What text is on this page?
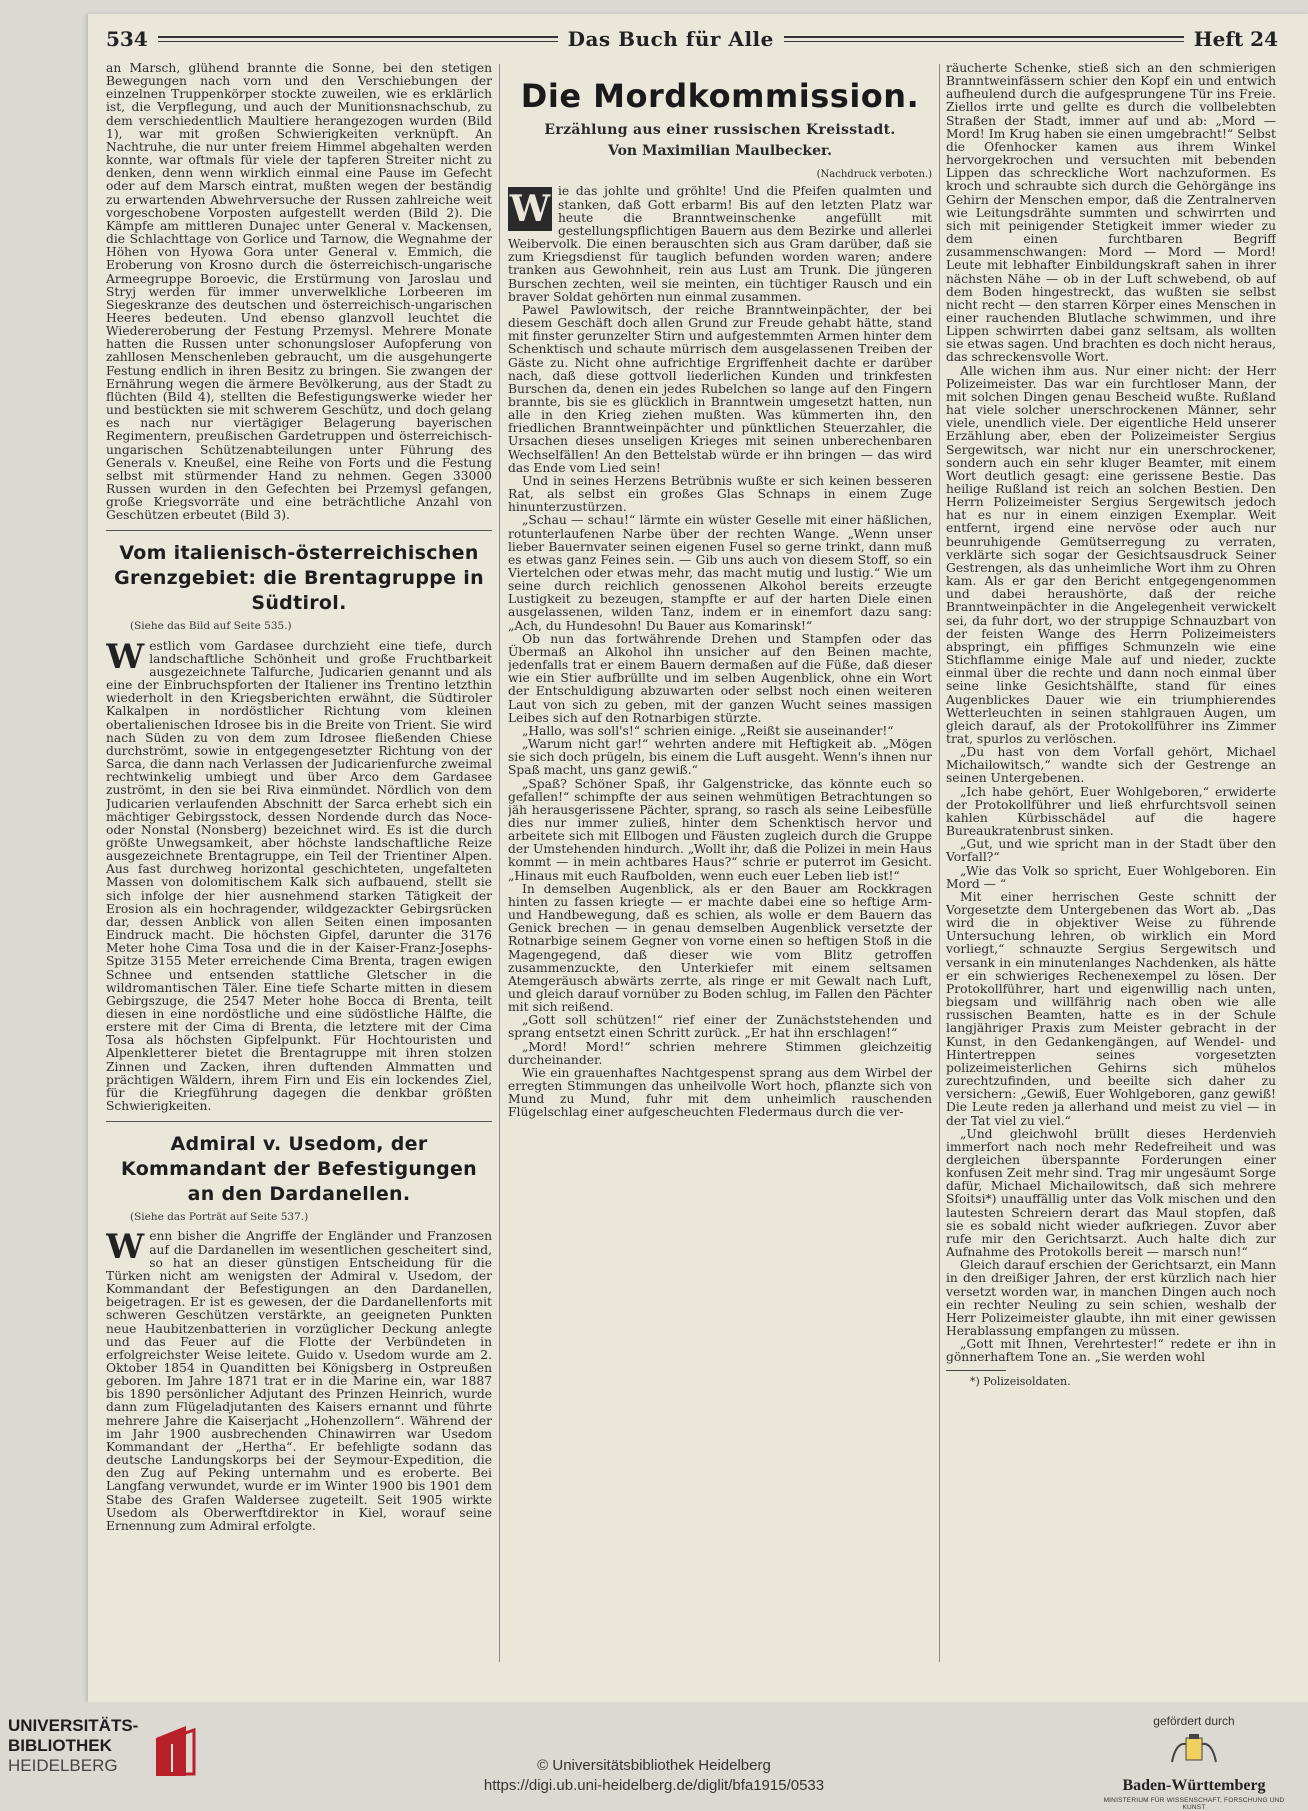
534	Das Buch für Alle	Heft 24

an Marsch, glühend brannte die Sonne, bei den stetigen Bewegungen nach vorn und den Verschiebungen der einzelnen Truppenkörper stockte zuweilen, wie es erklärlich ist, die Verpflegung, und auch der Munitionsnachschub, zu dem verschiedentlich Maultiere herangezogen wurden (Bild 1), war mit großen Schwierigkeiten verknüpft. An Nachtruhe, die nur unter freiem Himmel abgehalten werden konnte, war oftmals für viele der tapferen Streiter nicht zu denken, denn wenn wirklich einmal eine Pause im Gefecht oder auf dem Marsch eintrat, mußten wegen der beständig zu erwartenden Abwehrversuche der Russen zahlreiche weit vorgeschobene Vorposten aufgestellt werden (Bild 2). Die Kämpfe am mittleren Dunajec unter General v. Mackensen, die Schlachttage von Gorlice und Tarnow, die Wegnahme der Höhen von Hyowa Gora unter General v. Emmich, die Eroberung von Krosno durch die österreichisch-ungarische Armeegruppe Boroevic, die Erstürmung von Jaroslau und Stryj werden für immer unverwelkliche Lorbeeren im Siegeskranze des deutschen und österreichisch-ungarischen Heeres bedeuten. Und ebenso glanzvoll leuchtet die Wiedereroberung der Festung Przemysl. Mehrere Monate hatten die Russen unter schonungsloser Aufopferung von zahllosen Menschenleben gebraucht, um die ausgehungerte Festung endlich in ihren Besitz zu bringen. Sie zwangen der Ernährung wegen die ärmere Bevölkerung, aus der Stadt zu flüchten (Bild 4), stellten die Befestigungswerke wieder her und bestückten sie mit schwerem Geschütz, und doch gelang es nach nur viertägiger Belagerung bayerischen Regimentern, preußischen Gardetruppen und österreichisch-ungarischen Schützenabteilungen unter Führung des Generals v. Kneußel, eine Reihe von Forts und die Festung selbst mit stürmender Hand zu nehmen. Gegen 33000 Russen wurden in den Gefechten bei Przemysl gefangen, große Kriegsvorräte und eine beträchtliche Anzahl von Geschützen erbeutet (Bild 3).

Vom italienisch-österreichischen Grenzgebiet: die Brentagruppe in Südtirol.
(Siehe das Bild auf Seite 535.)

Westlich vom Gardasee durchzieht eine tiefe, durch landschaftliche Schönheit und große Fruchtbarkeit ausgezeichnete Talfurche, Judicarien genannt und als eine der Einbruchspforten der Italiener ins Trentino letzthin wiederholt in den Kriegsberichten erwähnt, die Südtiroler Kalkalpen in nordöstlicher Richtung vom kleinen obertalienischen Idrosee bis in die Breite von Trient. Sie wird nach Süden zu von dem zum Idrosee fließenden Chiese durchströmt, sowie in entgegengesetzter Richtung von der Sarca, die dann nach Verlassen der Judicarienfurche zweimal rechtwinkelig umbiegt und über Arco dem Gardasee zuströmt, in den sie bei Riva einmündet. Nördlich von dem Judicarien verlaufenden Abschnitt der Sarca erhebt sich ein mächtiger Gebirgsstock, dessen Nordende durch das Noce- oder Nonstal (Nonsberg) bezeichnet wird. Es ist die durch größte Unwegsamkeit, aber höchste landschaftliche Reize ausgezeichnete Brentagruppe, ein Teil der Trientiner Alpen. Aus fast durchweg horizontal geschichteten, ungefalteten Massen von dolomitischem Kalk sich aufbauend, stellt sie sich infolge der hier ausnehmend starken Tätigkeit der Erosion als ein hochragender, wildgezackter Gebirgsrücken dar, dessen Anblick von allen Seiten einen imposanten Eindruck macht. Die höchsten Gipfel, darunter die 3176 Meter hohe Cima Tosa und die in der Kaiser-Franz-Josephs-Spitze 3155 Meter erreichende Cima Brenta, tragen ewigen Schnee und entsenden stattliche Gletscher in die wildromantischen Täler. Eine tiefe Scharte mitten in diesem Gebirgszuge, die 2547 Meter hohe Bocca di Brenta, teilt diesen in eine nordöstliche und eine südöstliche Hälfte, die erstere mit der Cima di Brenta, die letztere mit der Cima Tosa als höchsten Gipfelpunkt. Für Hochtouristen und Alpenkletterer bietet die Brentagruppe mit ihren stolzen Zinnen und Zacken, ihren duftenden Almmatten und prächtigen Wäldern, ihrem Firn und Eis ein lockendes Ziel, für die Kriegführung dagegen die denkbar größten Schwierigkeiten.

Admiral v. Usedom, der Kommandant der Befestigungen an den Dardanellen.
(Siehe das Porträt auf Seite 537.)

Wenn bisher die Angriffe der Engländer und Franzosen auf die Dardanellen im wesentlichen gescheitert sind, so hat an dieser günstigen Entscheidung für die Türken nicht am wenigsten der Admiral v. Usedom, der Kommandant der Befestigungen an den Dardanellen, beigetragen. Er ist es gewesen, der die Dardanellenforts mit schweren Geschützen verstärkte, an geeigneten Punkten neue Haubitzenbatterien in vorzüglicher Deckung anlegte und das Feuer auf die Flotte der Verbündeten in erfolgreichster Weise leitete. Guido v. Usedom wurde am 2. Oktober 1854 in Quanditten bei Königsberg in Ostpreußen geboren. Im Jahre 1871 trat er in die Marine ein, war 1887 bis 1890 persönlicher Adjutant des Prinzen Heinrich, wurde dann zum Flügeladjutanten des Kaisers ernannt und führte mehrere Jahre die Kaiserjacht „Hohenzollern“. Während der im Jahr 1900 ausbrechenden Chinawirren war Usedom Kommandant der „Hertha“. Er befehligte sodann das deutsche Landungskorps bei der Seymour-Expedition, die den Zug auf Peking unternahm und es eroberte. Bei Langfang verwundet, wurde er im Winter 1900 bis 1901 dem Stabe des Grafen Waldersee zugeteilt. Seit 1905 wirkte Usedom als Oberwerftdirektor in Kiel, worauf seine Ernennung zum Admiral erfolgte.

Die Mordkommission.
Erzählung aus einer russischen Kreisstadt.
Von Maximilian Maulbecker.
(Nachdruck verboten.)

W ie das johlte und gröhlte! Und die Pfeifen qualmten und stanken, daß Gott erbarm! Bis auf den letzten Platz war heute die Branntweinschenke angefüllt mit gestellungspflichtigen Bauern aus dem Bezirke und allerlei Weibervolk. Die einen berauschten sich aus Gram darüber, daß sie zum Kriegsdienst für tauglich befunden worden waren; andere tranken aus Gewohnheit, rein aus Lust am Trunk. Die jüngeren Burschen zechten, weil sie meinten, ein tüchtiger Rausch und ein braver Soldat gehörten nun einmal zusammen.

Pawel Pawlowitsch, der reiche Branntweinpächter, der bei diesem Geschäft doch allen Grund zur Freude gehabt hätte, stand mit finster gerunzelter Stirn und aufgestemmten Armen hinter dem Schenktisch und schaute mürrisch dem ausgelassenen Treiben der Gäste zu. Nicht ohne aufrichtige Ergriffenheit dachte er darüber nach, daß diese gottvoll liederlichen Kunden und trinkfesten Burschen da, denen ein jedes Rubelchen so lange auf den Fingern brannte, bis sie es glücklich in Branntwein umgesetzt hatten, nun alle in den Krieg ziehen mußten. Was kümmerten ihn, den friedlichen Branntweinpächter und pünktlichen Steuerzahler, die Ursachen dieses unseligen Krieges mit seinen unberechenbaren Wechselfällen! An den Bettelstab würde er ihn bringen — das wird das Ende vom Lied sein!

Und in seines Herzens Betrübnis wußte er sich keinen besseren Rat, als selbst ein großes Glas Schnaps in einem Zuge hinunterzustürzen.

„Schau — schau!“ lärmte ein wüster Geselle mit einer häßlichen, rotunterlaufenen Narbe über der rechten Wange. „Wenn unser lieber Bauernvater seinen eigenen Fusel so gerne trinkt, dann muß es etwas ganz Feines sein. — Gib uns auch von diesem Stoff, so ein Viertelchen oder etwas mehr, das macht mutig und lustig.“ Wie um seine durch reichlich genossenen Alkohol bereits erzeugte Lustigkeit zu bezeugen, stampfte er auf der harten Diele einen ausgelassenen, wilden Tanz, indem er in einemfort dazu sang: „Ach, du Hundesohn! Du Bauer aus Komarinsk!“

Ob nun das fortwährende Drehen und Stampfen oder das Übermaß an Alkohol ihn unsicher auf den Beinen machte, jedenfalls trat er einem Bauern dermaßen auf die Füße, daß dieser wie ein Stier aufbrüllte und im selben Augenblick, ohne ein Wort der Entschuldigung abzuwarten oder selbst noch einen weiteren Laut von sich zu geben, mit der ganzen Wucht seines massigen Leibes sich auf den Rotnarbigen stürzte.

„Hallo, was soll's!“ schrien einige. „Reißt sie auseinander!“

„Warum nicht gar!“ wehrten andere mit Heftigkeit ab. „Mögen sie sich doch prügeln, bis einem die Luft ausgeht. Wenn's ihnen nur Spaß macht, uns ganz gewiß.“

„Spaß? Schöner Spaß, ihr Galgenstricke, das könnte euch so gefallen!“ schimpfte der aus seinen wehmütigen Betrachtungen so jäh herausgerissene Pächter, sprang, so rasch als seine Leibesfülle dies nur immer zuließ, hinter dem Schenktisch hervor und arbeitete sich mit Ellbogen und Fäusten zugleich durch die Gruppe der Umstehenden hindurch. „Wollt ihr, daß die Polizei in mein Haus kommt — in mein achtbares Haus?“ schrie er puterrot im Gesicht. „Hinaus mit euch Raufbolden, wenn euch euer Leben lieb ist!“

In demselben Augenblick, als er den Bauer am Rockkragen hinten zu fassen kriegte — er machte dabei eine so heftige Arm- und Handbewegung, daß es schien, als wolle er dem Bauern das Genick brechen — in genau demselben Augenblick versetzte der Rotnarbige seinem Gegner von vorne einen so heftigen Stoß in die Magengegend, daß dieser wie vom Blitz getroffen zusammenzuckte, den Unterkiefer mit einem seltsamen Atemgeräusch abwärts zerrte, als ringe er mit Gewalt nach Luft, und gleich darauf vornüber zu Boden schlug, im Fallen den Pächter mit sich reißend.

„Gott soll schützen!“ rief einer der Zunächststehenden und sprang entsetzt einen Schritt zurück. „Er hat ihn erschlagen!“

„Mord! Mord!“ schrien mehrere Stimmen gleichzeitig durcheinander.

Wie ein grauenhaftes Nachtgespenst sprang aus dem Wirbel der erregten Stimmungen das unheilvolle Wort hoch, pflanzte sich von Mund zu Mund, fuhr mit dem unheimlich rauschenden Flügelschlag einer aufgescheuchten Fledermaus durch die ver-

räucherte Schenke, stieß sich an den schmierigen Branntweinfässern schier den Kopf ein und entwich aufheulend durch die aufgesprungene Tür ins Freie. Ziellos irrte und gellte es durch die vollbelebten Straßen der Stadt, immer auf und ab: „Mord — Mord! Im Krug haben sie einen umgebracht!“ Selbst die Ofenhocker kamen aus ihrem Winkel hervorgekrochen und versuchten mit bebenden Lippen das schreckliche Wort nachzuformen. Es kroch und schraubte sich durch die Gehörgänge ins Gehirn der Menschen empor, daß die Zentralnerven wie Leitungsdrähte summten und schwirrten und sich mit peinigender Stetigkeit immer wieder zu dem einen furchtbaren Begriff zusammenschwangen: Mord — Mord — Mord! Leute mit lebhafter Einbildungskraft sahen in ihrer nächsten Nähe — ob in der Luft schwebend, ob auf dem Boden hingestreckt, das wußten sie selbst nicht recht — den starren Körper eines Menschen in einer rauchenden Blutlache schwimmen, und ihre Lippen schwirrten dabei ganz seltsam, als wollten sie etwas sagen. Und brachten es doch nicht heraus, das schreckensvolle Wort.

Alle wichen ihm aus. Nur einer nicht: der Herr Polizeimeister. Das war ein furchtloser Mann, der mit solchen Dingen genau Bescheid wußte. Rußland hat viele solcher unerschrockenen Männer, sehr viele, unendlich viele. Der eigentliche Held unserer Erzählung aber, eben der Polizeimeister Sergius Sergewitsch, war nicht nur ein unerschrockener, sondern auch ein sehr kluger Beamter, mit einem Wort deutlich gesagt: eine gerissene Bestie. Das heilige Rußland ist reich an solchen Bestien. Den Herrn Polizeimeister Sergius Sergewitsch jedoch hat es nur in einem einzigen Exemplar. Weit entfernt, irgend eine nervöse oder auch nur beunruhigende Gemütserregung zu verraten, verklärte sich sogar der Gesichtsausdruck Seiner Gestrengen, als das unheimliche Wort ihm zu Ohren kam. Als er gar den Bericht entgegengenommen und dabei heraushörte, daß der reiche Branntweinpächter in die Angelegenheit verwickelt sei, da fuhr dort, wo der struppige Schnauzbart von der feisten Wange des Herrn Polizeimeisters abspringt, ein pfiffiges Schmunzeln wie eine Stichflamme einige Male auf und nieder, zuckte einmal über die rechte und dann noch einmal über seine linke Gesichtshälfte, stand für eines Augenblickes Dauer wie ein triumphierendes Wetterleuchten in seinen stahlgrauen Augen, um gleich darauf, als der Protokollführer ins Zimmer trat, spurlos zu verlöschen.

„Du hast von dem Vorfall gehört, Michael Michailowitsch,“ wandte sich der Gestrenge an seinen Untergebenen.

„Ich habe gehört, Euer Wohlgeboren,“ erwiderte der Protokollführer und ließ ehrfurchtsvoll seinen kahlen Kürbisschädel auf die hagere Bureaukratenbrust sinken.

„Gut, und wie spricht man in der Stadt über den Vorfall?“

„Wie das Volk so spricht, Euer Wohlgeboren. Ein Mord — “

Mit einer herrischen Geste schnitt der Vorgesetzte dem Untergebenen das Wort ab. „Das wird die in objektiver Weise zu führende Untersuchung lehren, ob wirklich ein Mord vorliegt,“ schnauzte Sergius Sergewitsch und versank in ein minutenlanges Nachdenken, als hätte er ein schwieriges Rechenexempel zu lösen. Der Protokollführer, hart und eigenwillig nach unten, biegsam und willfährig nach oben wie alle russischen Beamten, hatte es in der Schule langjähriger Praxis zum Meister gebracht in der Kunst, in den Gedankengängen, auf Wendel- und Hintertreppen seines vorgesetzten polizeimeisterlichen Gehirns sich mühelos zurechtzufinden, und beeilte sich daher zu versichern: „Gewiß, Euer Wohlgeboren, ganz gewiß! Die Leute reden ja allerhand und meist zu viel — in der Tat viel zu viel.“

„Und gleichwohl brüllt dieses Herdenvieh immerfort nach noch mehr Redefreiheit und was dergleichen überspannte Forderungen einer konfusen Zeit mehr sind. Trag mir ungesäumt Sorge dafür, Michael Michailowitsch, daß sich mehrere Sfoitsi*) unauffällig unter das Volk mischen und den lautesten Schreiern derart das Maul stopfen, daß sie es sobald nicht wieder aufkriegen. Zuvor aber rufe mir den Gerichtsarzt. Auch halte dich zur Aufnahme des Protokolls bereit — marsch nun!“

Gleich darauf erschien der Gerichtsarzt, ein Mann in den dreißiger Jahren, der erst kürzlich nach hier versetzt worden war, in manchen Dingen auch noch ein rechter Neuling zu sein schien, weshalb der Herr Polizeimeister glaubte, ihn mit einer gewissen Herablassung empfangen zu müssen.

„Gott mit Ihnen, Verehrtester!“ redete er ihn in gönnerhaftem Tone an. „Sie werden wohl

*) Polizeisoldaten.

UNIVERSITÄTS-
BIBLIOTHEK
HEIDELBERG	© Universitätsbibliothek Heidelberg
https://digi.ub.uni-heidelberg.de/diglit/bfa1915/0533
gefördert durch
Baden-Württemberg
MINISTERIUM FÜR WISSENSCHAFT, FORSCHUNG UND KUNST
